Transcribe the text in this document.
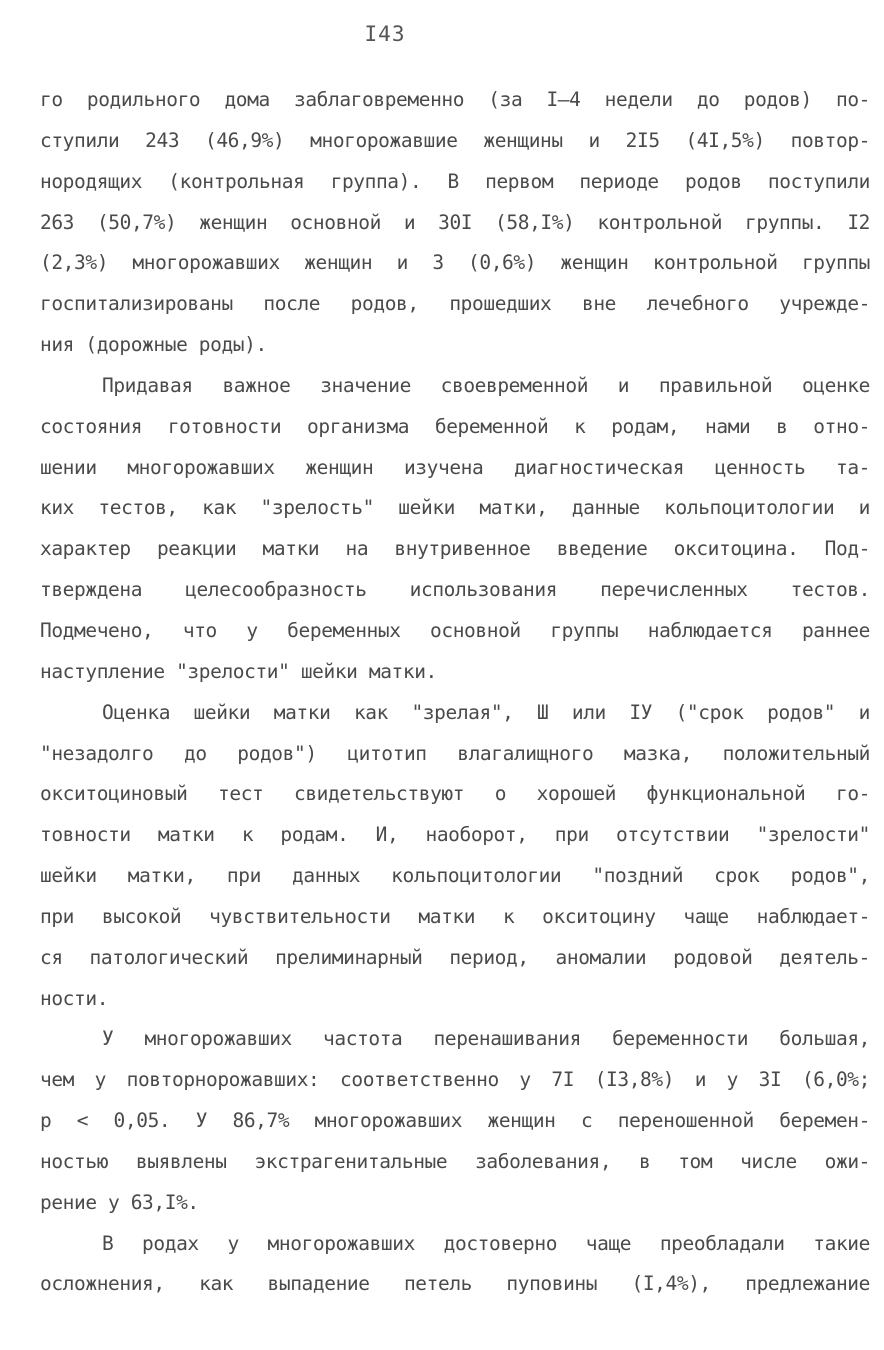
I43
го родильного дома заблаговременно (за I–4 недели до родов) по-
ступили 243 (46,9%) многорожавшие женщины и 2I5 (4I,5%) повтор-
нородящих (контрольная группа). В первом периоде родов поступили
263 (50,7%) женщин основной и 30I (58,I%) контрольной группы. I2
(2,3%) многорожавших женщин и 3 (0,6%) женщин контрольной группы
госпитализированы после родов, прошедших вне лечебного учрежде-
ния (дорожные роды).
Придавая важное значение своевременной и правильной оценке
состояния готовности организма беременной к родам, нами в отно-
шении многорожавших женщин изучена диагностическая ценность та-
ких тестов, как "зрелость" шейки матки, данные кольпоцитологии и
характер реакции матки на внутривенное введение окситоцина. Под-
тверждена целесообразность использования перечисленных тестов.
Подмечено, что у беременных основной группы наблюдается раннее
наступление "зрелости" шейки матки.
Оценка шейки матки как "зрелая", Ш или IУ ("срок родов" и
"незадолго до родов") цитотип влагалищного мазка, положительный
окситоциновый тест свидетельствуют о хорошей функциональной го-
товности матки к родам. И, наоборот, при отсутствии "зрелости"
шейки матки, при данных кольпоцитологии "поздний срок родов",
при высокой чувствительности матки к окситоцину чаще наблюдает-
ся патологический прелиминарный период, аномалии родовой деятель-
ности.
У многорожавших частота перенашивания беременности большая,
чем у повторнорожавших: соответственно у 7I (I3,8%) и у 3I (6,0%;
р < 0,05. У 86,7% многорожавших женщин с переношенной беремен-
ностью выявлены экстрагенитальные заболевания, в том числе ожи-
рение у 63,I%.
В родах у многорожавших достоверно чаще преобладали такие
осложнения, как выпадение петель пуповины (I,4%), предлежание
